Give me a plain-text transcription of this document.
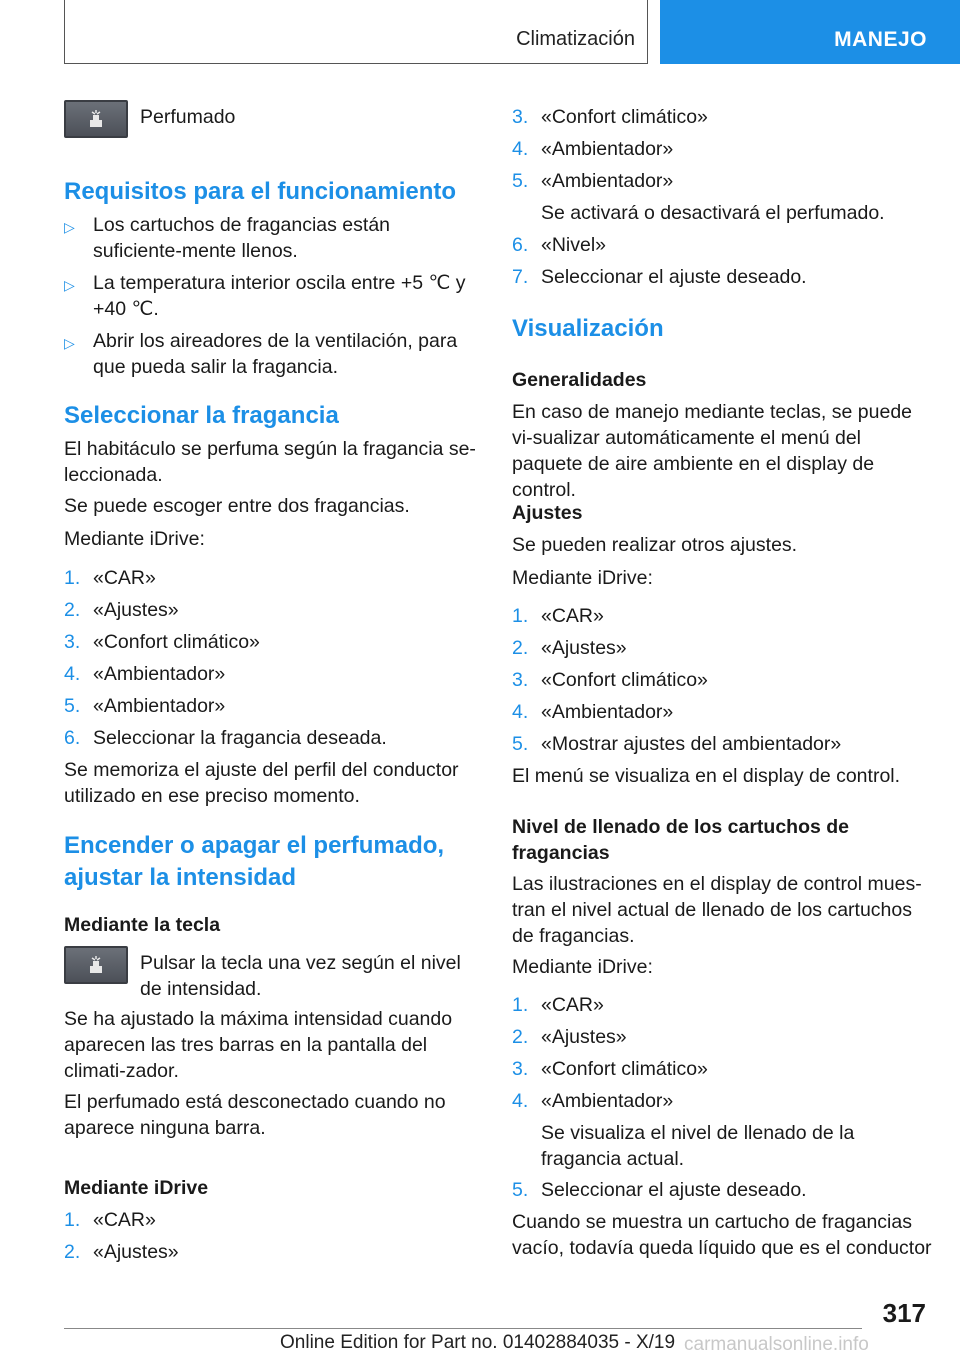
Climatización	MANEJO
Perfumado
Requisitos para el funcionamiento
▷ Los cartuchos de fragancias están suficiente-mente llenos.
▷ La temperatura interior oscila entre +5 ℃ y +40 ℃.
▷ Abrir los aireadores de la ventilación, para que pueda salir la fragancia.
Seleccionar la fragancia
El habitáculo se perfuma según la fragancia se-leccionada.
Se puede escoger entre dos fragancias.
Mediante iDrive:
1. «CAR»
2. «Ajustes»
3. «Confort climático»
4. «Ambientador»
5. «Ambientador»
6. Seleccionar la fragancia deseada.
Se memoriza el ajuste del perfil del conductor utilizado en ese preciso momento.
Encender o apagar el perfumado, ajustar la intensidad
Mediante la tecla
Pulsar la tecla una vez según el nivel de intensidad.
Se ha ajustado la máxima intensidad cuando aparecen las tres barras en la pantalla del climati-zador.
El perfumado está desconectado cuando no aparece ninguna barra.
Mediante iDrive
1. «CAR»
2. «Ajustes»
3. «Confort climático»
4. «Ambientador»
5. «Ambientador»
Se activará o desactivará el perfumado.
6. «Nivel»
7. Seleccionar el ajuste deseado.
Visualización
Generalidades
En caso de manejo mediante teclas, se puede vi-sualizar automáticamente el menú del paquete de aire ambiente en el display de control.
Ajustes
Se pueden realizar otros ajustes.
Mediante iDrive:
1. «CAR»
2. «Ajustes»
3. «Confort climático»
4. «Ambientador»
5. «Mostrar ajustes del ambientador»
El menú se visualiza en el display de control.
Nivel de llenado de los cartuchos de fragancias
Las ilustraciones en el display de control mues-tran el nivel actual de llenado de los cartuchos de fragancias.
Mediante iDrive:
1. «CAR»
2. «Ajustes»
3. «Confort climático»
4. «Ambientador»
Se visualiza el nivel de llenado de la fragancia actual.
5. Seleccionar el ajuste deseado.
Cuando se muestra un cartucho de fragancias vacío, todavía queda líquido que es el conductor
317
Online Edition for Part no. 01402884035 - X/19 carmanualsonline.info
